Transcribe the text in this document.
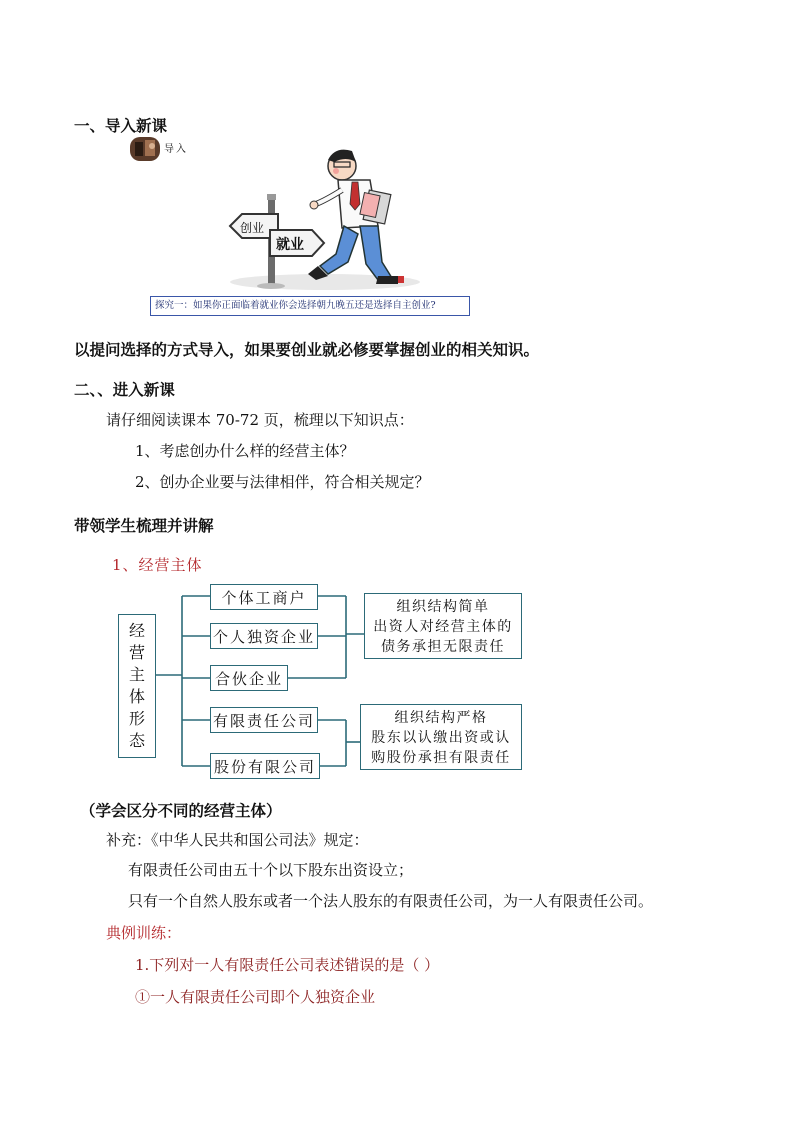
一、导入新课
导入
创业
就业
探究一：如果你正面临着就业你会选择朝九晚五还是选择自主创业?
以提问选择的方式导入，如果要创业就必修要掌握创业的相关知识。
二、、进入新课
请仔细阅读课本 70-72 页，梳理以下知识点：
1、考虑创办什么样的经营主体？
2、创办企业要与法律相伴，符合相关规定？
带领学生梳理并讲解
1、经营主体
经
营
主
体
形
态
个体工商户
个人独资企业
合伙企业
有限责任公司
股份有限公司
组织结构简单
出资人对经营主体的
债务承担无限责任
组织结构严格
股东以认缴出资或认
购股份承担有限责任
（学会区分不同的经营主体）
补充：《中华人民共和国公司法》规定：
有限责任公司由五十个以下股东出资设立；
只有一个自然人股东或者一个法人股东的有限责任公司，为一人有限责任公司。
典例训练：
1.下列对一人有限责任公司表述错误的是（ ）
①一人有限责任公司即个人独资企业
